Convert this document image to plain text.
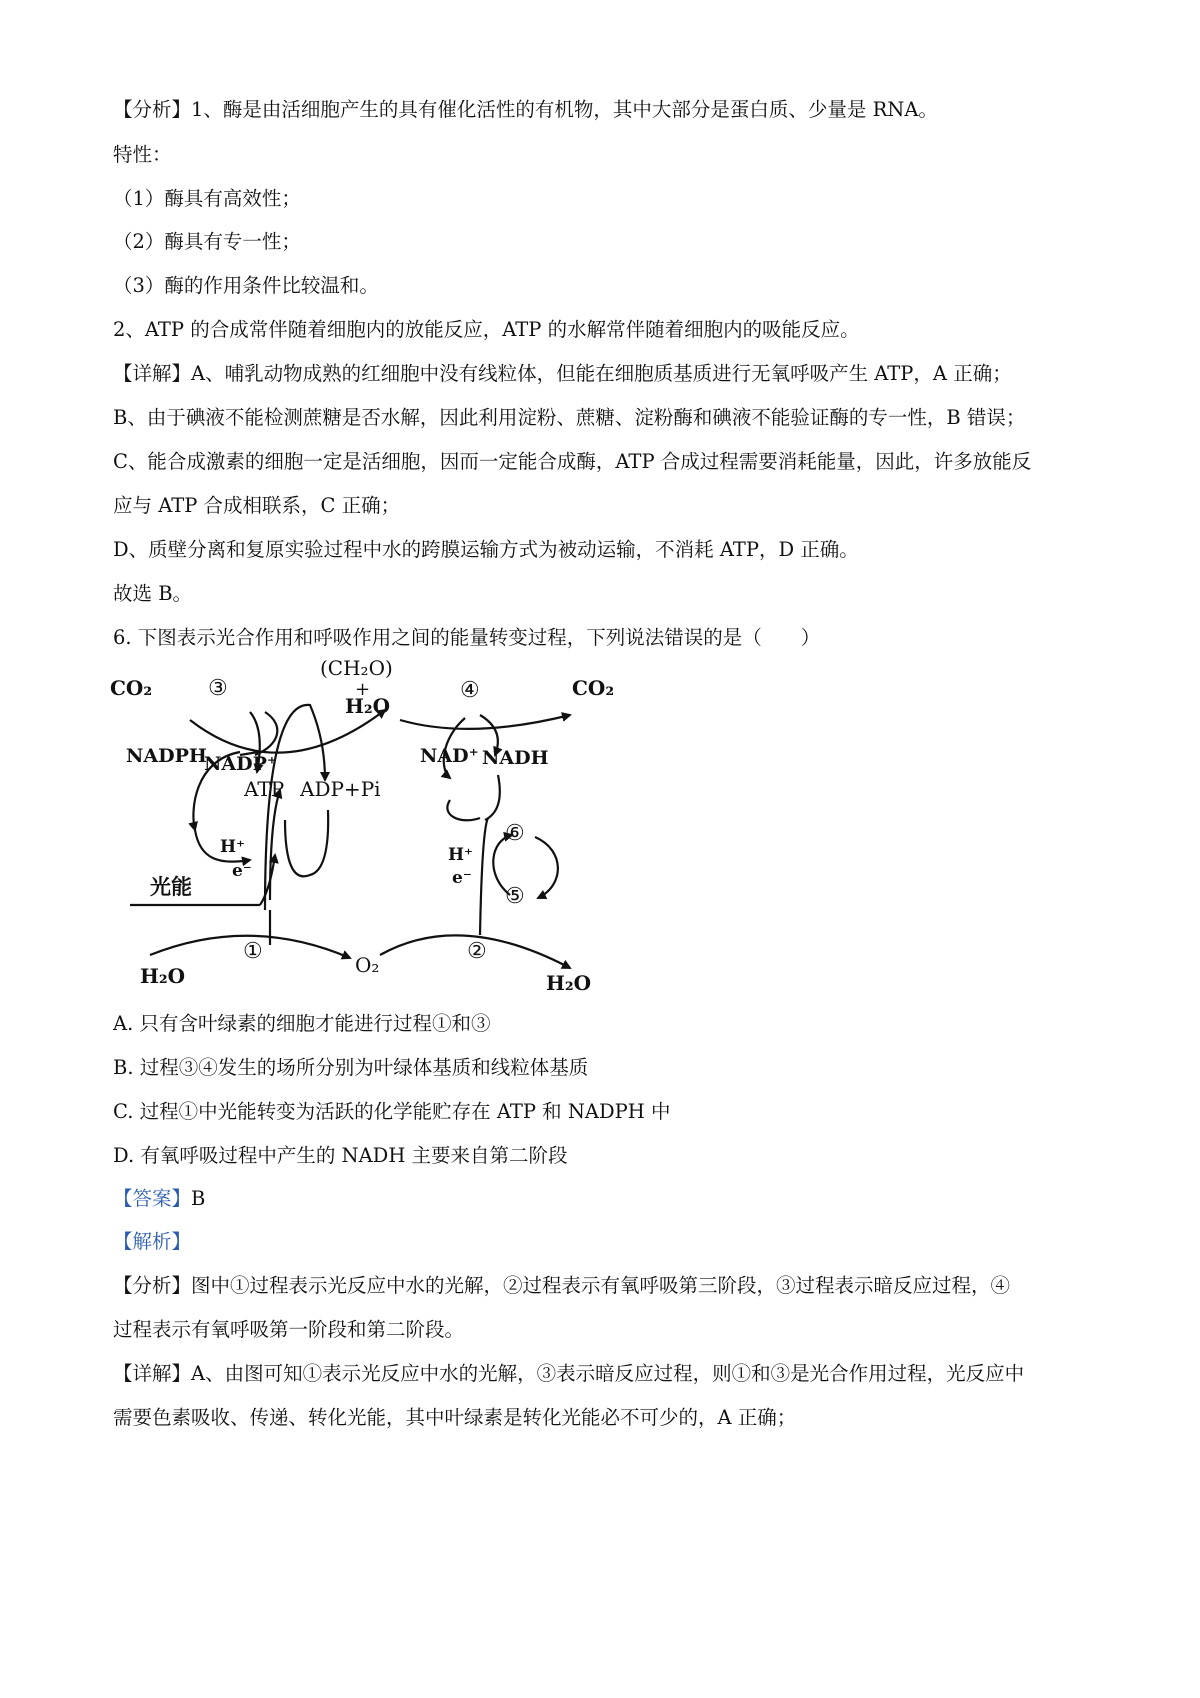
【分析】1、酶是由活细胞产生的具有催化活性的有机物，其中大部分是蛋白质、少量是 RNA。
特性：
（1）酶具有高效性；
（2）酶具有专一性；
（3）酶的作用条件比较温和。
2、ATP 的合成常伴随着细胞内的放能反应，ATP 的水解常伴随着细胞内的吸能反应。
【详解】A、哺乳动物成熟的红细胞中没有线粒体，但能在细胞质基质进行无氧呼吸产生 ATP，A 正确；
B、由于碘液不能检测蔗糖是否水解，因此利用淀粉、蔗糖、淀粉酶和碘液不能验证酶的专一性，B 错误；
C、能合成激素的细胞一定是活细胞，因而一定能合成酶，ATP 合成过程需要消耗能量，因此，许多放能反
应与 ATP 合成相联系，C 正确；
D、质壁分离和复原实验过程中水的跨膜运输方式为被动运输，不消耗 ATP，D 正确。
故选 B。
6. 下图表示光合作用和呼吸作用之间的能量转变过程，下列说法错误的是（　　）
CO₂	③
(CH₂O)
+
H₂O
④	CO₂
NADPH
NADP⁺
ATP ADP+Pi
NAD⁺ NADH
H⁺
e⁻
光能
⑥
⑤
H⁺
e⁻
H₂O
①
O₂
②
H₂O
A. 只有含叶绿素的细胞才能进行过程①和③
B. 过程③④发生的场所分别为叶绿体基质和线粒体基质
C. 过程①中光能转变为活跃的化学能贮存在 ATP 和 NADPH 中
D. 有氧呼吸过程中产生的 NADH 主要来自第二阶段
【答案】B
【解析】
【分析】图中①过程表示光反应中水的光解，②过程表示有氧呼吸第三阶段，③过程表示暗反应过程，④
过程表示有氧呼吸第一阶段和第二阶段。
【详解】A、由图可知①表示光反应中水的光解，③表示暗反应过程，则①和③是光合作用过程，光反应中
需要色素吸收、传递、转化光能，其中叶绿素是转化光能必不可少的，A 正确；
